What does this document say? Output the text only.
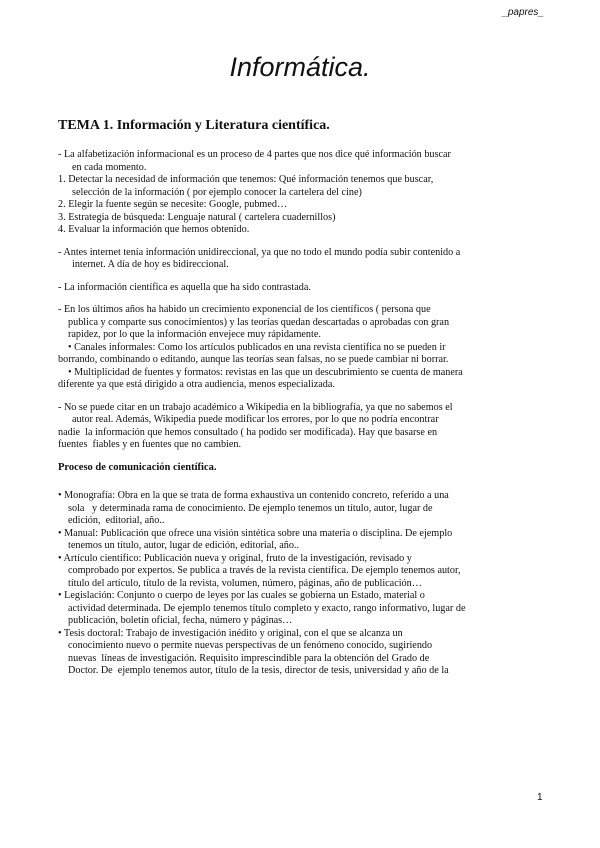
_papres_
Informática.
TEMA 1. Información y Literatura científica.
- La alfabetización informacional es un proceso de 4 partes que nos dice qué información buscar
en cada momento.
1. Detectar la necesidad de información que tenemos: Qué información tenemos que buscar,
selección de la información ( por ejemplo conocer la cartelera del cine)
2. Elegir la fuente según se necesite: Google, pubmed…
3. Estrategia de búsqueda: Lenguaje natural ( cartelera cuadernillos)
4. Evaluar la información que hemos obtenido.
- Antes internet tenía información unidireccional, ya que no todo el mundo podía subir contenido a
internet. A día de hoy es bidireccional.
- La información científica es aquella que ha sido contrastada.
- En los últimos años ha habido un crecimiento exponencial de los científicos ( persona que
publica y comparte sus conocimientos) y las teorías quedan descartadas o aprobadas con gran
rapidez, por lo que la información envejece muy rápidamente.
• Canales informales: Como los artículos publicados en una revista científica no se pueden ir
borrando, combinando o editando, aunque las teorías sean falsas, no se puede cambiar ni borrar.
• Multiplicidad de fuentes y formatos: revistas en las que un descubrimiento se cuenta de manera
diferente ya que está dirigido a otra audiencia, menos especializada.
- No se puede citar en un trabajo académico a Wikipedia en la bibliografía, ya que no sabemos el
autor real. Además, Wikipedia puede modificar los errores, por lo que no podría encontrar
nadie  la información que hemos consultado ( ha podido ser modificada). Hay que basarse en
fuentes  fiables y en fuentes que no cambien.
Proceso de comunicación científica.
• Monografía: Obra en la que se trata de forma exhaustiva un contenido concreto, referido a una
sola   y determinada rama de conocimiento. De ejemplo tenemos un título, autor, lugar de
edición,  editorial, año..
• Manual: Publicación que ofrece una visión sintética sobre una materia o disciplina. De ejemplo
tenemos un título, autor, lugar de edición, editorial, año..
• Artículo científico: Publicación nueva y original, fruto de la investigación, revisado y
comprobado por expertos. Se publica a través de la revista científica. De ejemplo tenemos autor,
título del artículo, título de la revista, volumen, número, páginas, año de publicación…
• Legislación: Conjunto o cuerpo de leyes por las cuales se gobierna un Estado, material o
actividad determinada. De ejemplo tenemos título completo y exacto, rango informativo, lugar de
publicación, boletín oficial, fecha, número y páginas…
• Tesis doctoral: Trabajo de investigación inédito y original, con el que se alcanza un
conocimiento nuevo o permite nuevas perspectivas de un fenómeno conocido, sugiriendo
nuevas  líneas de investigación. Requisito imprescindible para la obtención del Grado de
Doctor. De  ejemplo tenemos autor, título de la tesis, director de tesis, universidad y año de la
1
